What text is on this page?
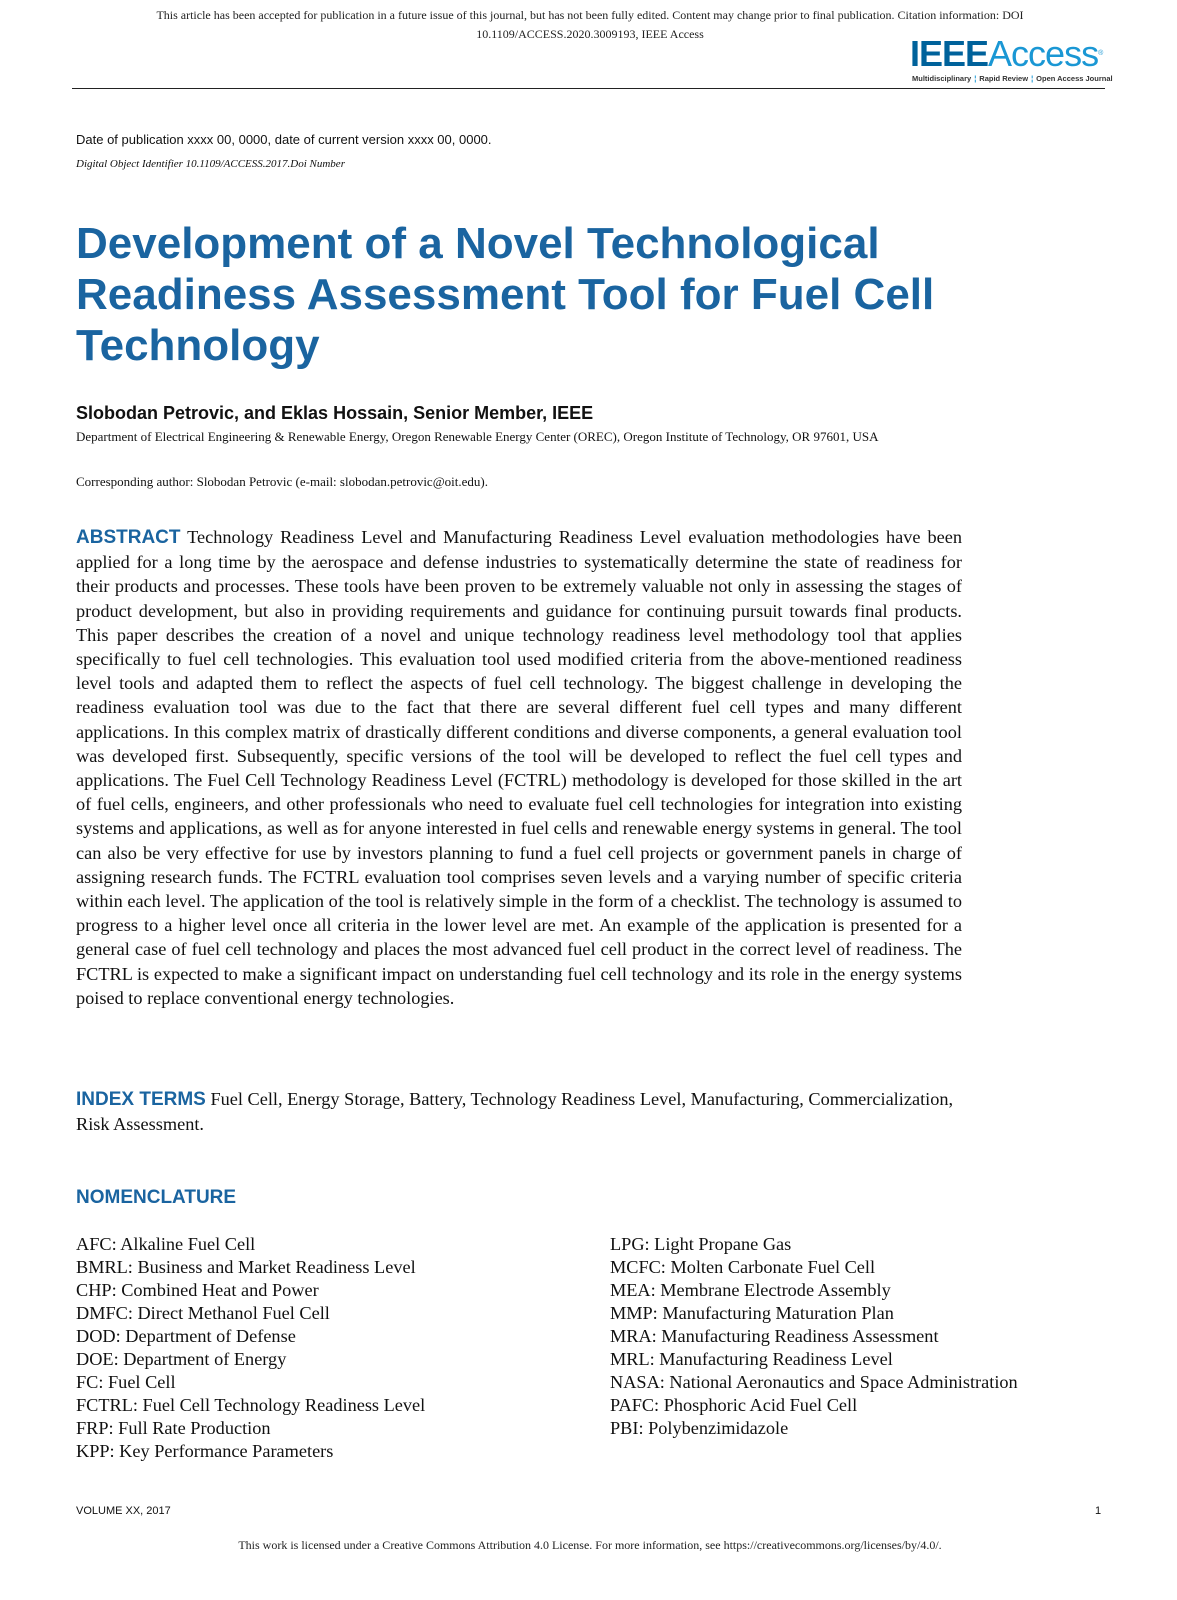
This article has been accepted for publication in a future issue of this journal, but has not been fully edited. Content may change prior to final publication. Citation information: DOI
10.1109/ACCESS.2020.3009193, IEEE Access	IEEEAccess®
Multidisciplinary ¦ Rapid Review ¦ Open Access Journal
Date of publication xxxx 00, 0000, date of current version xxxx 00, 0000.
Digital Object Identifier 10.1109/ACCESS.2017.Doi Number
Development of a Novel Technological Readiness Assessment Tool for Fuel Cell Technology
Slobodan Petrovic, and Eklas Hossain, Senior Member, IEEE
Department of Electrical Engineering & Renewable Energy, Oregon Renewable Energy Center (OREC), Oregon Institute of Technology, OR 97601, USA
Corresponding author: Slobodan Petrovic (e-mail: slobodan.petrovic@oit.edu).

ABSTRACT Technology Readiness Level and Manufacturing Readiness Level evaluation methodologies have been applied for a long time by the aerospace and defense industries to systematically determine the state of readiness for their products and processes. These tools have been proven to be extremely valuable not only in assessing the stages of product development, but also in providing requirements and guidance for continuing pursuit towards final products. This paper describes the creation of a novel and unique technology readiness level methodology tool that applies specifically to fuel cell technologies. This evaluation tool used modified criteria from the above-mentioned readiness level tools and adapted them to reflect the aspects of fuel cell technology. The biggest challenge in developing the readiness evaluation tool was due to the fact that there are several different fuel cell types and many different applications. In this complex matrix of drastically different conditions and diverse components, a general evaluation tool was developed first. Subsequently, specific versions of the tool will be developed to reflect the fuel cell types and applications. The Fuel Cell Technology Readiness Level (FCTRL) methodology is developed for those skilled in the art of fuel cells, engineers, and other professionals who need to evaluate fuel cell technologies for integration into existing systems and applications, as well as for anyone interested in fuel cells and renewable energy systems in general. The tool can also be very effective for use by investors planning to fund a fuel cell projects or government panels in charge of assigning research funds. The FCTRL evaluation tool comprises seven levels and a varying number of specific criteria within each level. The application of the tool is relatively simple in the form of a checklist. The technology is assumed to progress to a higher level once all criteria in the lower level are met. An example of the application is presented for a general case of fuel cell technology and places the most advanced fuel cell product in the correct level of readiness. The FCTRL is expected to make a significant impact on understanding fuel cell technology and its role in the energy systems poised to replace conventional energy technologies.

INDEX TERMS Fuel Cell, Energy Storage, Battery, Technology Readiness Level, Manufacturing, Commercialization, Risk Assessment.

NOMENCLATURE
AFC: Alkaline Fuel Cell
BMRL: Business and Market Readiness Level
CHP: Combined Heat and Power
DMFC: Direct Methanol Fuel Cell
DOD: Department of Defense
DOE: Department of Energy
FC: Fuel Cell
FCTRL: Fuel Cell Technology Readiness Level
FRP: Full Rate Production
KPP: Key Performance Parameters
LPG: Light Propane Gas
MCFC: Molten Carbonate Fuel Cell
MEA: Membrane Electrode Assembly
MMP: Manufacturing Maturation Plan
MRA: Manufacturing Readiness Assessment
MRL: Manufacturing Readiness Level
NASA: National Aeronautics and Space Administration
PAFC: Phosphoric Acid Fuel Cell
PBI: Polybenzimidazole
VOLUME XX, 2017	1
This work is licensed under a Creative Commons Attribution 4.0 License. For more information, see https://creativecommons.org/licenses/by/4.0/.
